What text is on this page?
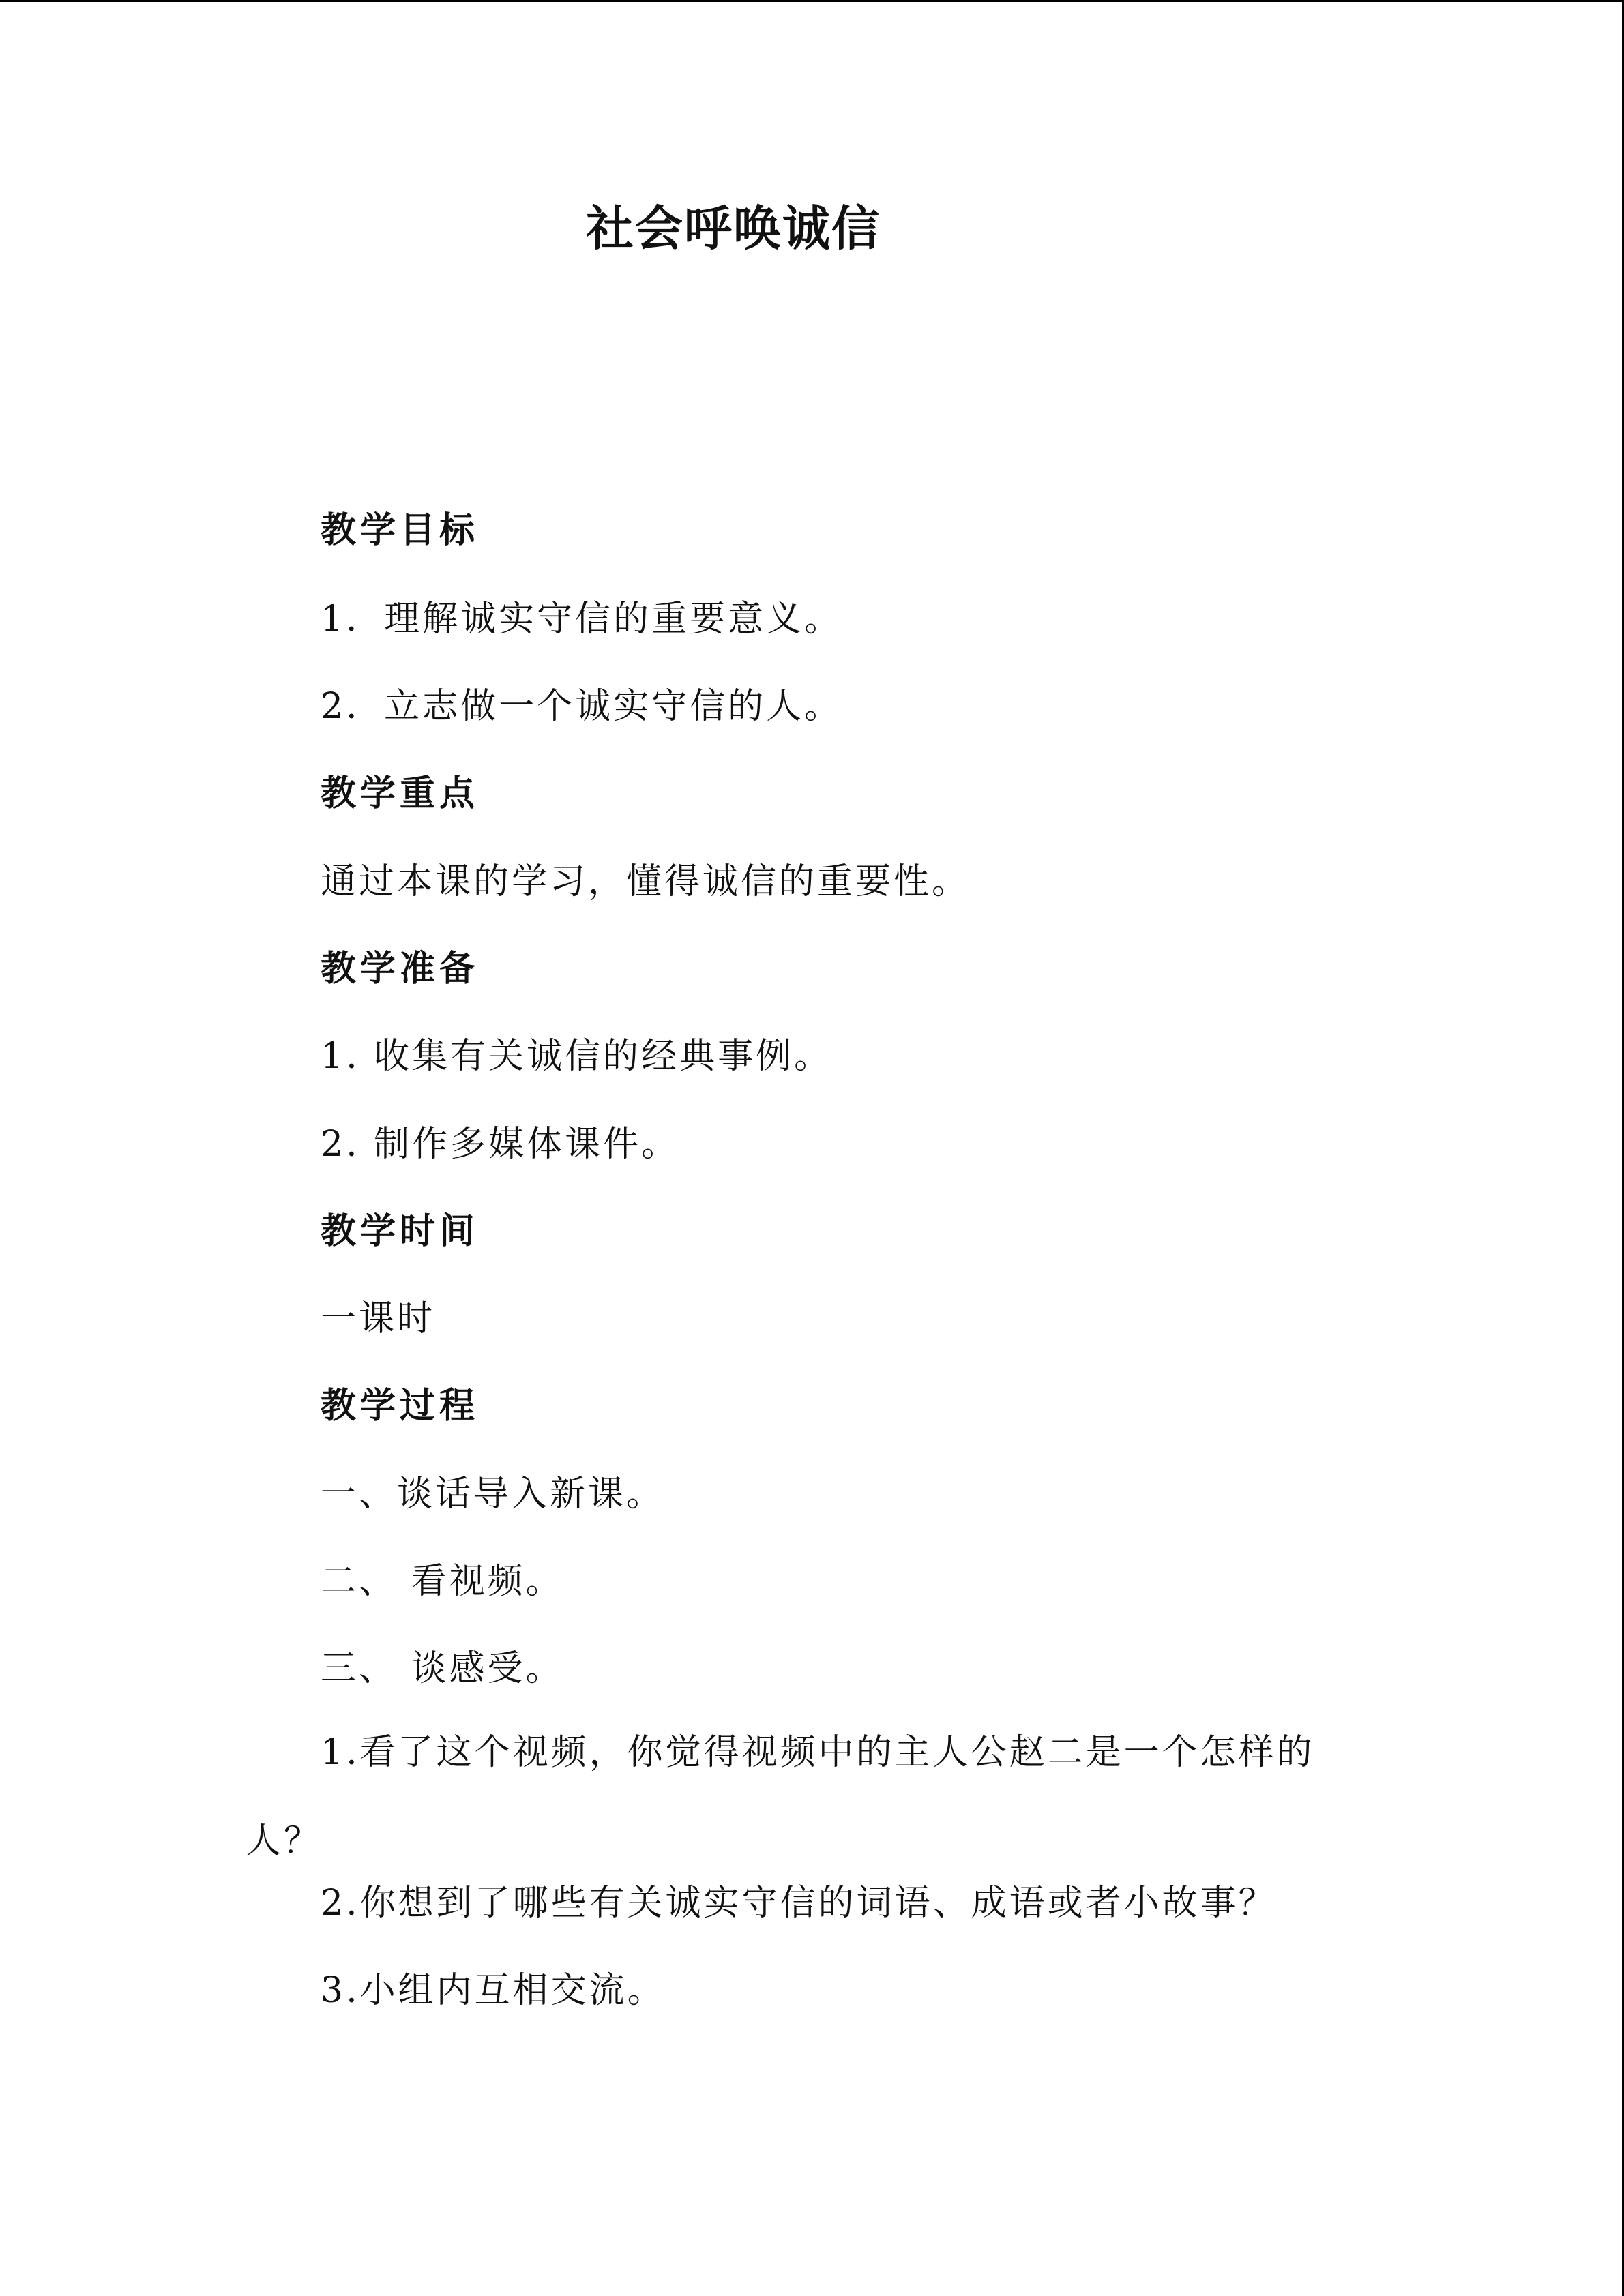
社会呼唤诚信
教学目标
1．理解诚实守信的重要意义。
2．立志做一个诚实守信的人。
教学重点
通过本课的学习，懂得诚信的重要性。
教学准备
1. 收集有关诚信的经典事例。
2. 制作多媒体课件。
教学时间
一课时
教学过程
一、谈话导入新课。
二、 看视频。
三、 谈感受。
1.看了这个视频，你觉得视频中的主人公赵二是一个怎样的人？
2.你想到了哪些有关诚实守信的词语、成语或者小故事？
3.小组内互相交流。
